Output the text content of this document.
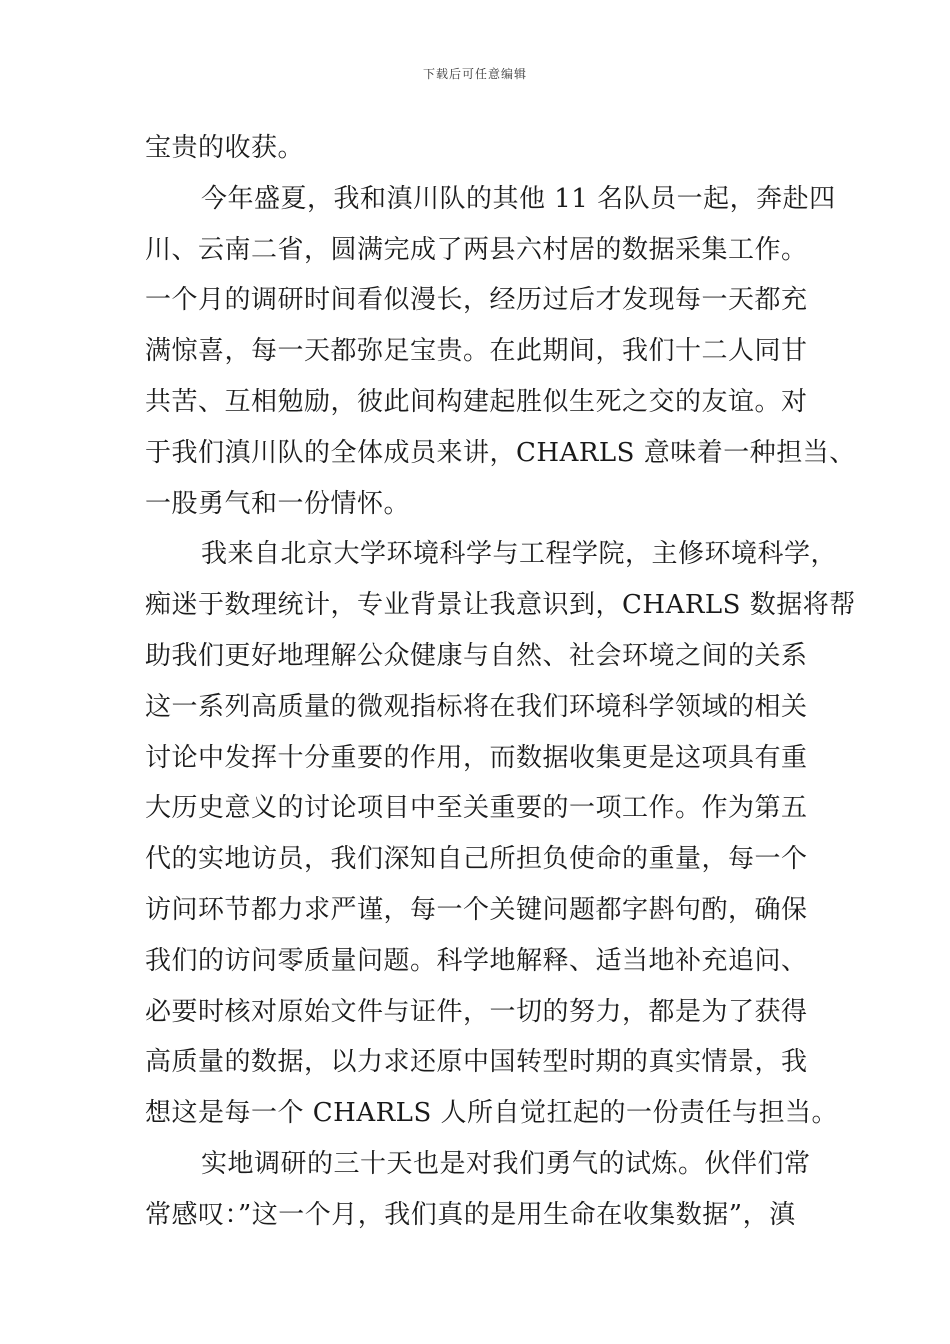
下载后可任意编辑
宝贵的收获。
今年盛夏，我和滇川队的其他 11 名队员一起，奔赴四
川、云南二省，圆满完成了两县六村居的数据采集工作。
一个月的调研时间看似漫长，经历过后才发现每一天都充
满惊喜，每一天都弥足宝贵。在此期间，我们十二人同甘
共苦、互相勉励，彼此间构建起胜似生死之交的友谊。对
于我们滇川队的全体成员来讲，CHARLS 意味着一种担当、
一股勇气和一份情怀。
我来自北京大学环境科学与工程学院，主修环境科学，
痴迷于数理统计，专业背景让我意识到，CHARLS 数据将帮
助我们更好地理解公众健康与自然、社会环境之间的关系
这一系列高质量的微观指标将在我们环境科学领域的相关
讨论中发挥十分重要的作用，而数据收集更是这项具有重
大历史意义的讨论项目中至关重要的一项工作。作为第五
代的实地访员，我们深知自己所担负使命的重量，每一个
访问环节都力求严谨，每一个关键问题都字斟句酌，确保
我们的访问零质量问题。科学地解释、适当地补充追问、
必要时核对原始文件与证件，一切的努力，都是为了获得
高质量的数据，以力求还原中国转型时期的真实情景，我
想这是每一个 CHARLS 人所自觉扛起的一份责任与担当。
实地调研的三十天也是对我们勇气的试炼。伙伴们常
常感叹：”这一个月，我们真的是用生命在收集数据”，滇
